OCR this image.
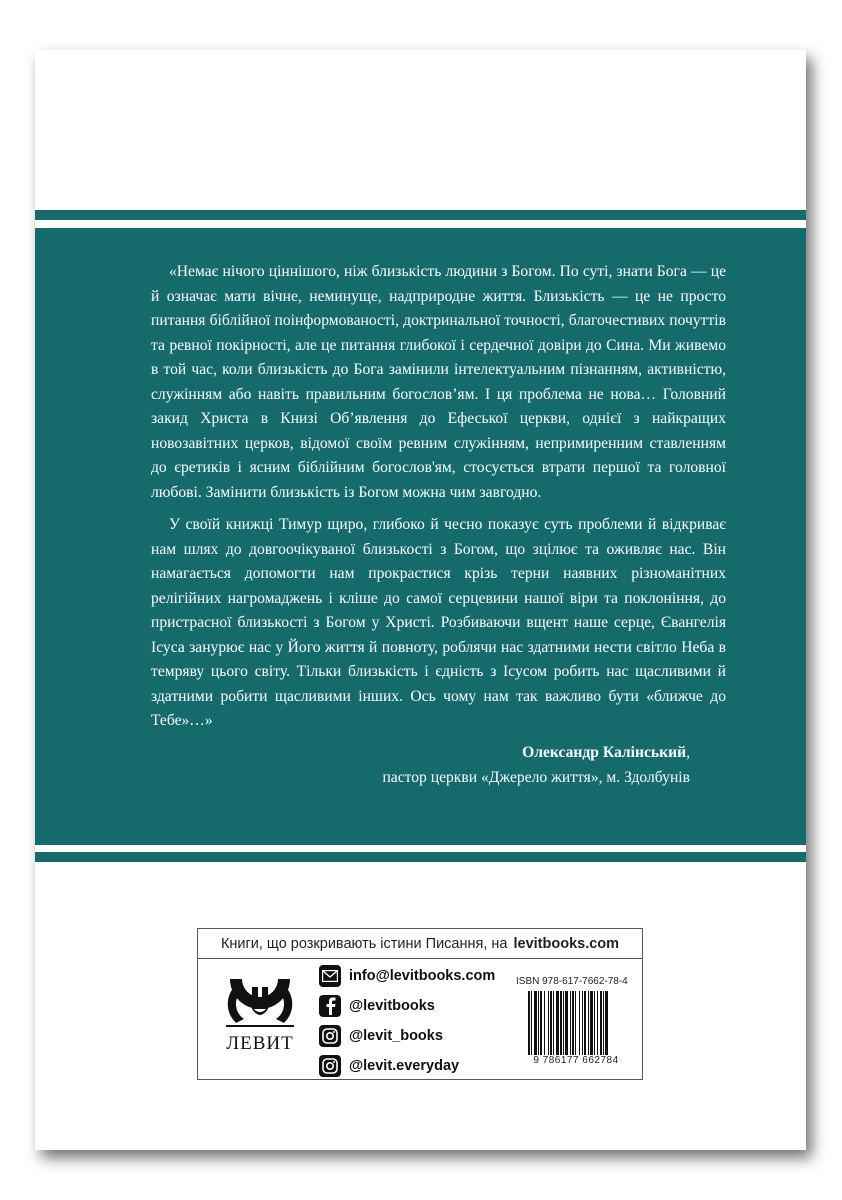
«Немає нічого ціннішого, ніж близькість людини з Богом. По суті, знати Бога — це й означає мати вічне, неминуще, надприродне життя. Близькість — це не просто питання біблійної поінформованості, доктринальної точності, благочестивих почуттів та ревної покірності, але це питання глибокої і сердечної довіри до Сина. Ми живемо в той час, коли близькість до Бога замінили інтелектуальним пізнанням, активністю, служінням або навіть правильним богослов’ям. І ця проблема не нова… Головний закид Христа в Книзі Об’явлення до Ефеської церкви, однієї з найкращих новозавітних церков, відомої своїм ревним служінням, непримиренним ставленням до єретиків і ясним біблійним богослов'ям, стосується втрати першої та головної любові. Замінити близькість із Богом можна чим завгодно.

У своїй книжці Тимур щиро, глибоко й чесно показує суть проблеми й відкриває нам шлях до довгоочікуваної близькості з Богом, що зцілює та оживляє нас. Він намагається допомогти нам прокрастися крізь терни наявних різноманітних релігійних нагромаджень і кліше до самої серцевини нашої віри та поклоніння, до пристрасної близькості з Богом у Христі. Розбиваючи вщент наше серце, Євангелія Ісуса занурює нас у Його життя й повноту, роблячи нас здатними нести світло Неба в темряву цього світу. Тільки близькість і єдність з Ісусом робить нас щасливими й здатними робити щасливими інших. Ось чому нам так важливо бути «ближче до Тебе»…»

Олександр Калінський,
пастор церкви «Джерело життя», м. Здолбунів
Книги, що розкривають істини Писання, на levitbooks.com
ЛЕВИТ
info@levitbooks.com
@levitbooks
@levit_books
@levit.everyday
ISBN 978-617-7662-78-4
9 786177 662784
